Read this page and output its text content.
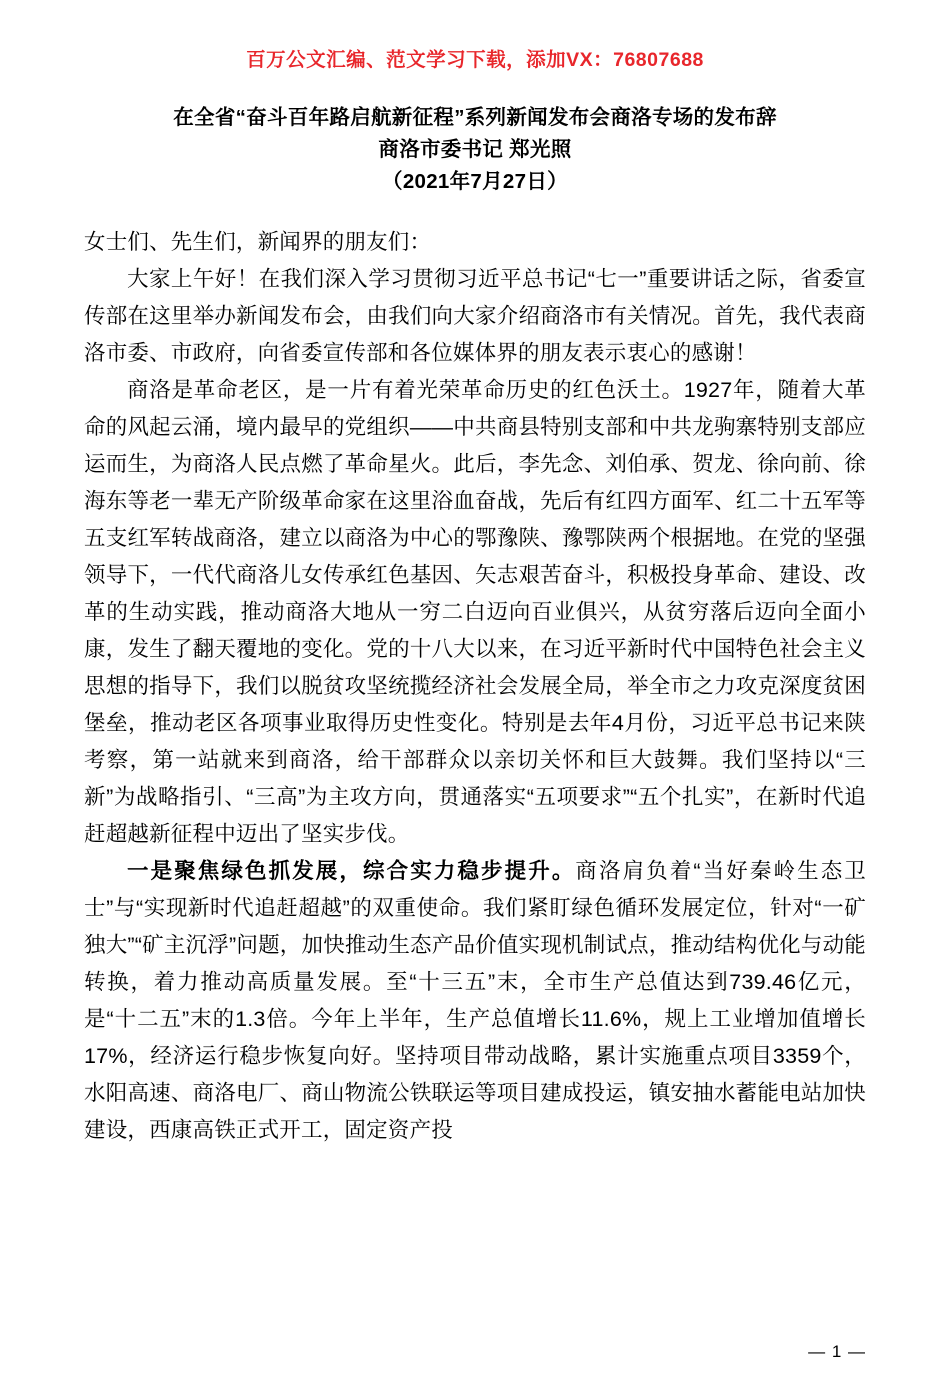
百万公文汇编、范文学习下载，添加VX：76807688
在全省“奋斗百年路启航新征程”系列新闻发布会商洛专场的发布辞
商洛市委书记 郑光照
（2021年7月27日）

女士们、先生们，新闻界的朋友们：

大家上午好！在我们深入学习贯彻习近平总书记“七一”重要讲话之际，省委宣传部在这里举办新闻发布会，由我们向大家介绍商洛市有关情况。首先，我代表商洛市委、市政府，向省委宣传部和各位媒体界的朋友表示衷心的感谢！

商洛是革命老区，是一片有着光荣革命历史的红色沃土。1927年，随着大革命的风起云涌，境内最早的党组织——中共商县特别支部和中共龙驹寨特别支部应运而生，为商洛人民点燃了革命星火。此后，李先念、刘伯承、贺龙、徐向前、徐海东等老一辈无产阶级革命家在这里浴血奋战，先后有红四方面军、红二十五军等五支红军转战商洛，建立以商洛为中心的鄂豫陕、豫鄂陕两个根据地。在党的坚强领导下，一代代商洛儿女传承红色基因、矢志艰苦奋斗，积极投身革命、建设、改革的生动实践，推动商洛大地从一穷二白迈向百业俱兴，从贫穷落后迈向全面小康，发生了翻天覆地的变化。党的十八大以来，在习近平新时代中国特色社会主义思想的指导下，我们以脱贫攻坚统揽经济社会发展全局，举全市之力攻克深度贫困堡垒，推动老区各项事业取得历史性变化。特别是去年4月份，习近平总书记来陕考察，第一站就来到商洛，给干部群众以亲切关怀和巨大鼓舞。我们坚持以“三新”为战略指引、“三高”为主攻方向，贯通落实“五项要求”“五个扎实”，在新时代追赶超越新征程中迈出了坚实步伐。

一是聚焦绿色抓发展，综合实力稳步提升。商洛肩负着“当好秦岭生态卫士”与“实现新时代追赶超越”的双重使命。我们紧盯绿色循环发展定位，针对“一矿独大”“矿主沉浮”问题，加快推动生态产品价值实现机制试点，推动结构优化与动能转换，着力推动高质量发展。至“十三五”末，全市生产总值达到739.46亿元，是“十二五”末的1.3倍。今年上半年，生产总值增长11.6%，规上工业增加值增长17%，经济运行稳步恢复向好。坚持项目带动战略，累计实施重点项目3359个，水阳高速、商洛电厂、商山物流公铁联运等项目建成投运，镇安抽水蓄能电站加快建设，西康高铁正式开工，固定资产投

— 1 —
